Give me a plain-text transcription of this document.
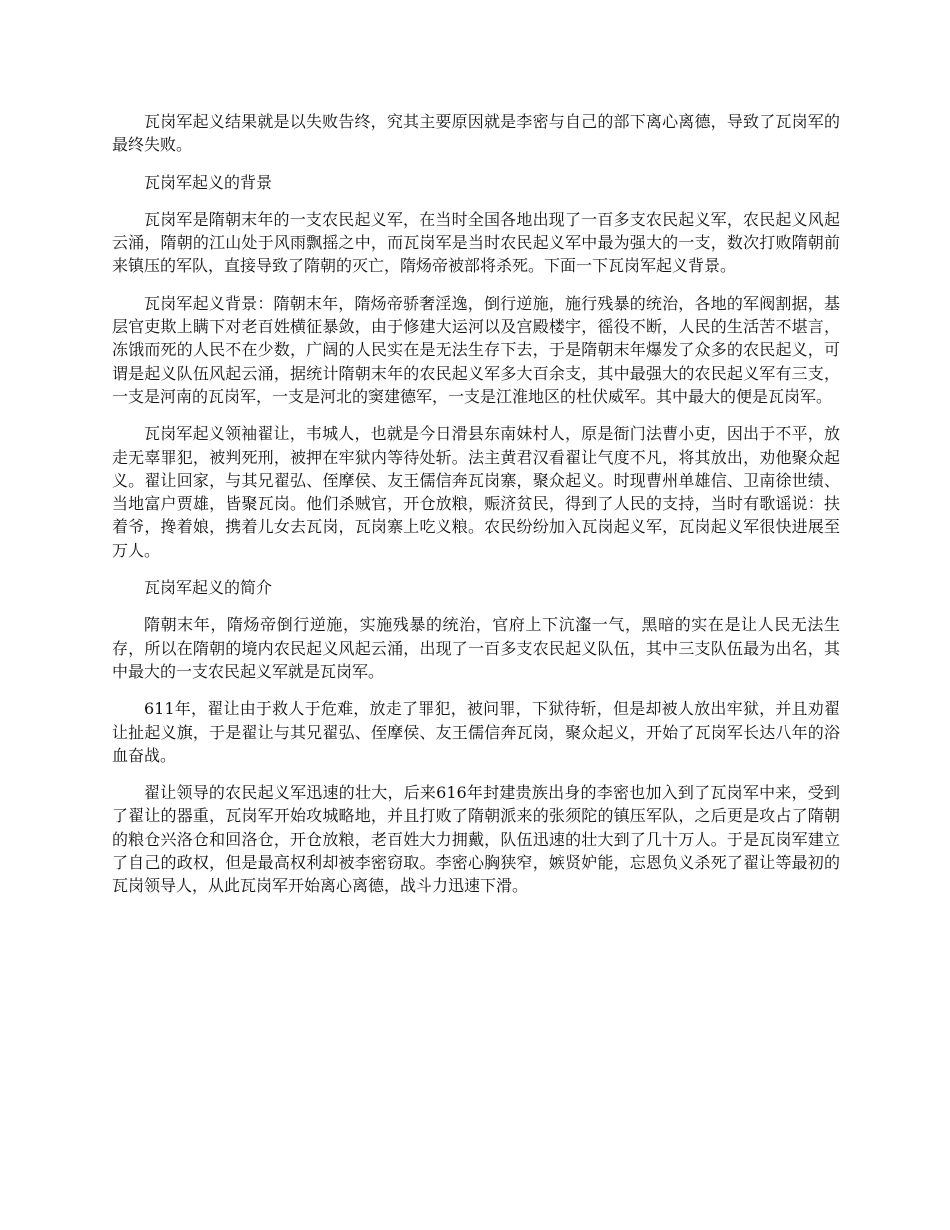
瓦岗军起义结果就是以失败告终，究其主要原因就是李密与自己的部下离心离德，导致了瓦岗军的最终失败。

瓦岗军起义的背景

瓦岗军是隋朝末年的一支农民起义军，在当时全国各地出现了一百多支农民起义军，农民起义风起云涌，隋朝的江山处于风雨飘摇之中，而瓦岗军是当时农民起义军中最为强大的一支，数次打败隋朝前来镇压的军队，直接导致了隋朝的灭亡，隋炀帝被部将杀死。下面一下瓦岗军起义背景。

瓦岗军起义背景：隋朝末年，隋炀帝骄奢淫逸，倒行逆施，施行残暴的统治，各地的军阀割据，基层官吏欺上瞒下对老百姓横征暴敛，由于修建大运河以及宫殿楼宇，徭役不断，人民的生活苦不堪言，冻饿而死的人民不在少数，广阔的人民实在是无法生存下去，于是隋朝末年爆发了众多的农民起义，可谓是起义队伍风起云涌，据统计隋朝末年的农民起义军多大百余支，其中最强大的农民起义军有三支，一支是河南的瓦岗军，一支是河北的窦建德军，一支是江淮地区的杜伏威军。其中最大的便是瓦岗军。

瓦岗军起义领袖翟让，韦城人，也就是今日滑县东南妹村人，原是衙门法曹小吏，因出于不平，放走无辜罪犯，被判死刑，被押在牢狱内等待处斩。法主黄君汉看翟让气度不凡，将其放出，劝他聚众起义。翟让回家，与其兄翟弘、侄摩侯、友王儒信奔瓦岗寨，聚众起义。时现曹州单雄信、卫南徐世绩、当地富户贾雄，皆聚瓦岗。他们杀贼官，开仓放粮，赈济贫民，得到了人民的支持，当时有歌谣说：扶着爷，搀着娘，携着儿女去瓦岗，瓦岗寨上吃义粮。农民纷纷加入瓦岗起义军，瓦岗起义军很快进展至万人。

瓦岗军起义的简介

隋朝末年，隋炀帝倒行逆施，实施残暴的统治，官府上下沆瀣一气，黑暗的实在是让人民无法生存，所以在隋朝的境内农民起义风起云涌，出现了一百多支农民起义队伍，其中三支队伍最为出名，其中最大的一支农民起义军就是瓦岗军。

611年，翟让由于救人于危难，放走了罪犯，被问罪，下狱待斩，但是却被人放出牢狱，并且劝翟让扯起义旗，于是翟让与其兄翟弘、侄摩侯、友王儒信奔瓦岗，聚众起义，开始了瓦岗军长达八年的浴血奋战。

翟让领导的农民起义军迅速的壮大，后来616年封建贵族出身的李密也加入到了瓦岗军中来，受到了翟让的器重，瓦岗军开始攻城略地，并且打败了隋朝派来的张须陀的镇压军队，之后更是攻占了隋朝的粮仓兴洛仓和回洛仓，开仓放粮，老百姓大力拥戴，队伍迅速的壮大到了几十万人。于是瓦岗军建立了自己的政权，但是最高权利却被李密窃取。李密心胸狭窄，嫉贤妒能，忘恩负义杀死了翟让等最初的瓦岗领导人，从此瓦岗军开始离心离德，战斗力迅速下滑。
